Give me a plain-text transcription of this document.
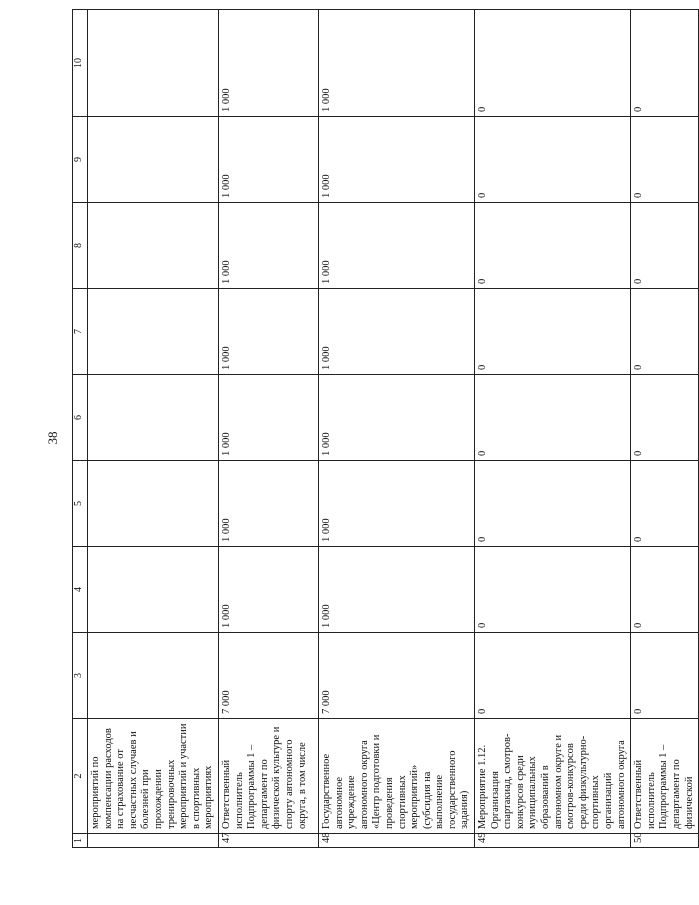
38
1	2	3	4	5	6	7	8	9	10
	мероприятий по компенсации расходов на страхование от несчастных случаев и болезней при прохождении тренировочных мероприятий и участии в спортивных мероприятиях								
47	Ответственный исполнитель Подпрограммы 1 – департамент по физической культуре и спорту автономного округа, в том числе	7 000	1 000	1 000	1 000	1 000	1 000	1 000	1 000
48	Государственное автономное учреждение автономного округа «Центр подготовки и проведения спортивных мероприятий» (субсидия на выполнение государственного задания)	7 000	1 000	1 000	1 000	1 000	1 000	1 000	1 000
49	Мероприятие 1.12. Организация спартакиад, смотров-конкурсов среди муниципальных образований в автономном округе и смотров-конкурсов среди физкультурно-спортивных организаций автономного округа	0	0	0	0	0	0	0	0
50	Ответственный исполнитель Подпрограммы 1 – департамент по физической	0	0	0	0	0	0	0	0
